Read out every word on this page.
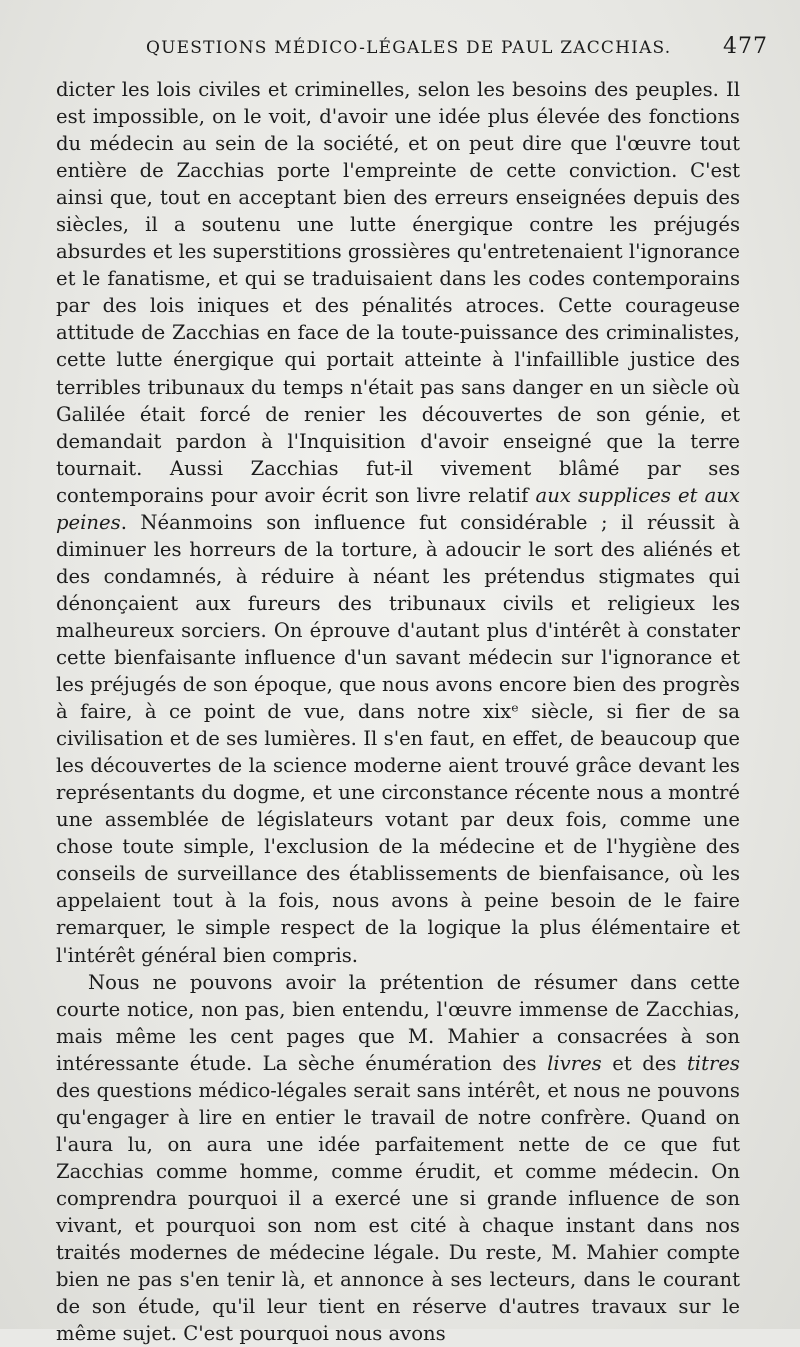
QUESTIONS MÉDICO-LÉGALES DE PAUL ZACCHIAS.	477

dicter les lois civiles et criminelles, selon les besoins des peuples. Il est impossible, on le voit, d'avoir une idée plus élevée des fonctions du médecin au sein de la société, et on peut dire que l'œuvre tout entière de Zacchias porte l'empreinte de cette conviction. C'est ainsi que, tout en acceptant bien des erreurs enseignées depuis des siècles, il a soutenu une lutte énergique contre les préjugés absurdes et les superstitions grossières qu'entretenaient l'ignorance et le fanatisme, et qui se traduisaient dans les codes contemporains par des lois iniques et des pénalités atroces. Cette courageuse attitude de Zacchias en face de la toute-puissance des criminalistes, cette lutte énergique qui portait atteinte à l'infaillible justice des terribles tribunaux du temps n'était pas sans danger en un siècle où Galilée était forcé de renier les découvertes de son génie, et demandait pardon à l'Inquisition d'avoir enseigné que la terre tournait. Aussi Zacchias fut-il vivement blâmé par ses contemporains pour avoir écrit son livre relatif aux supplices et aux peines. Néanmoins son influence fut considérable ; il réussit à diminuer les horreurs de la torture, à adoucir le sort des aliénés et des condamnés, à réduire à néant les prétendus stigmates qui dénonçaient aux fureurs des tribunaux civils et religieux les malheureux sorciers. On éprouve d'autant plus d'intérêt à constater cette bienfaisante influence d'un savant médecin sur l'ignorance et les préjugés de son époque, que nous avons encore bien des progrès à faire, à ce point de vue, dans notre xixᵉ siècle, si fier de sa civilisation et de ses lumières. Il s'en faut, en effet, de beaucoup que les découvertes de la science moderne aient trouvé grâce devant les représentants du dogme, et une circonstance récente nous a montré une assemblée de législateurs votant par deux fois, comme une chose toute simple, l'exclusion de la médecine et de l'hygiène des conseils de surveillance des établissements de bienfaisance, où les appelaient tout à la fois, nous avons à peine besoin de le faire remarquer, le simple respect de la logique la plus élémentaire et l'intérêt général bien compris.

Nous ne pouvons avoir la prétention de résumer dans cette courte notice, non pas, bien entendu, l'œuvre immense de Zacchias, mais même les cent pages que M. Mahier a consacrées à son intéressante étude. La sèche énumération des livres et des titres des questions médico-légales serait sans intérêt, et nous ne pouvons qu'engager à lire en entier le travail de notre confrère. Quand on l'aura lu, on aura une idée parfaitement nette de ce que fut Zacchias comme homme, comme érudit, et comme médecin. On comprendra pourquoi il a exercé une si grande influence de son vivant, et pourquoi son nom est cité à chaque instant dans nos traités modernes de médecine légale. Du reste, M. Mahier compte bien ne pas s'en tenir là, et annonce à ses lecteurs, dans le courant de son étude, qu'il leur tient en réserve d'autres travaux sur le même sujet. C'est pourquoi nous avons
